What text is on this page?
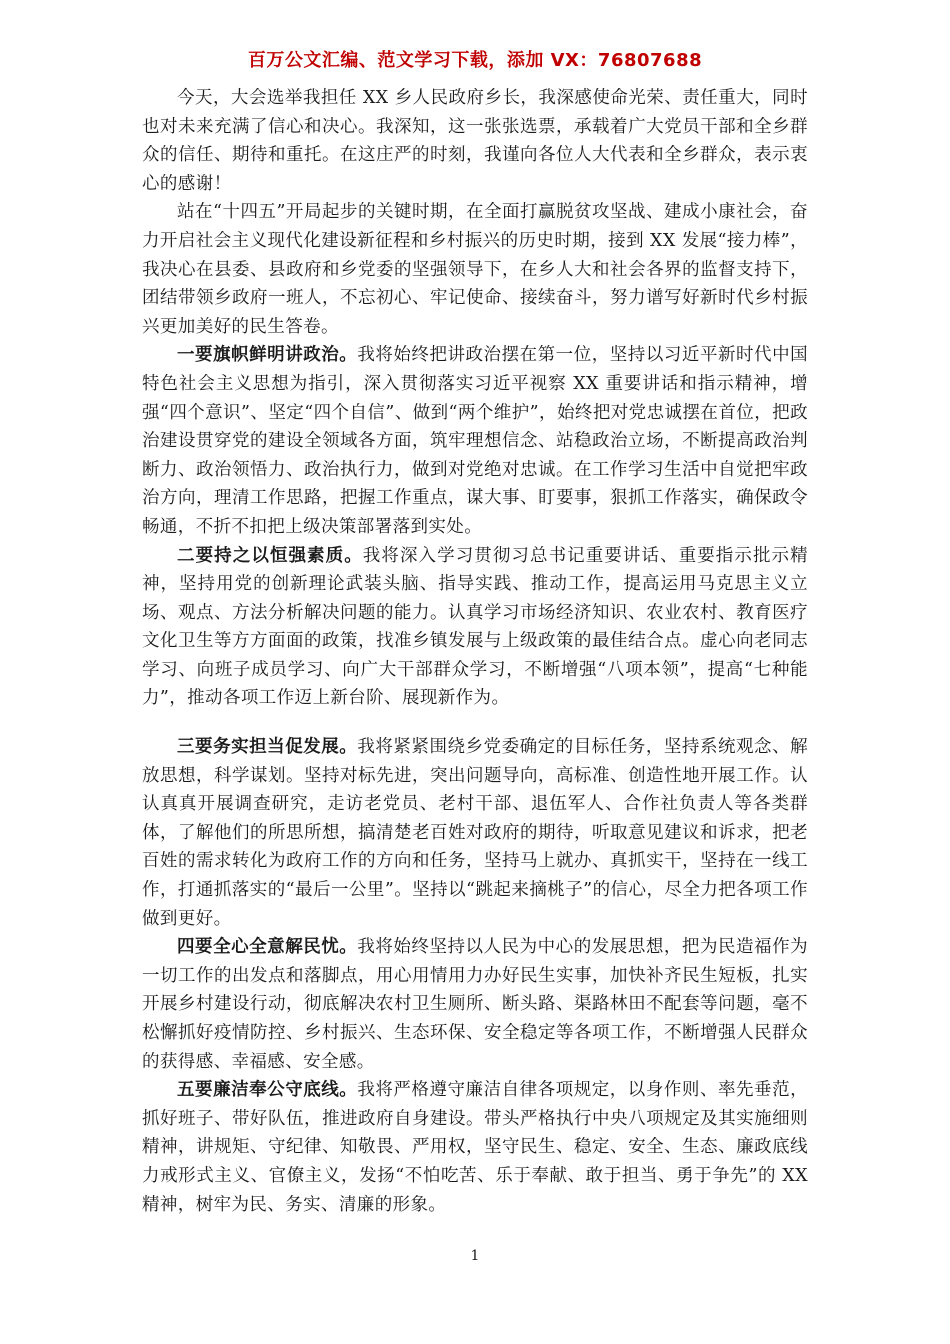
百万公文汇编、范文学习下载，添加 VX：76807688

今天，大会选举我担任 XX 乡人民政府乡长，我深感使命光荣、责任重大，同时也对未来充满了信心和决心。我深知，这一张张选票，承载着广大党员干部和全乡群众的信任、期待和重托。在这庄严的时刻，我谨向各位人大代表和全乡群众，表示衷心的感谢！

站在“十四五”开局起步的关键时期，在全面打赢脱贫攻坚战、建成小康社会，奋力开启社会主义现代化建设新征程和乡村振兴的历史时期，接到 XX 发展“接力棒”，我决心在县委、县政府和乡党委的坚强领导下，在乡人大和社会各界的监督支持下，团结带领乡政府一班人，不忘初心、牢记使命、接续奋斗，努力谱写好新时代乡村振兴更加美好的民生答卷。

一要旗帜鲜明讲政治。我将始终把讲政治摆在第一位，坚持以习近平新时代中国特色社会主义思想为指引，深入贯彻落实习近平视察 XX 重要讲话和指示精神，增强“四个意识”、坚定“四个自信”、做到“两个维护”，始终把对党忠诚摆在首位，把政治建设贯穿党的建设全领域各方面，筑牢理想信念、站稳政治立场，不断提高政治判断力、政治领悟力、政治执行力，做到对党绝对忠诚。在工作学习生活中自觉把牢政治方向，理清工作思路，把握工作重点，谋大事、盯要事，狠抓工作落实，确保政令畅通，不折不扣把上级决策部署落到实处。

二要持之以恒强素质。我将深入学习贯彻习总书记重要讲话、重要指示批示精神，坚持用党的创新理论武装头脑、指导实践、推动工作，提高运用马克思主义立场、观点、方法分析解决问题的能力。认真学习市场经济知识、农业农村、教育医疗文化卫生等方方面面的政策，找准乡镇发展与上级政策的最佳结合点。虚心向老同志学习、向班子成员学习、向广大干部群众学习，不断增强“八项本领”，提高“七种能力”，推动各项工作迈上新台阶、展现新作为。

三要务实担当促发展。我将紧紧围绕乡党委确定的目标任务，坚持系统观念、解放思想，科学谋划。坚持对标先进，突出问题导向，高标准、创造性地开展工作。认认真真开展调查研究，走访老党员、老村干部、退伍军人、合作社负责人等各类群体，了解他们的所思所想，搞清楚老百姓对政府的期待，听取意见建议和诉求，把老百姓的需求转化为政府工作的方向和任务，坚持马上就办、真抓实干，坚持在一线工作，打通抓落实的“最后一公里”。坚持以“跳起来摘桃子”的信心，尽全力把各项工作做到更好。

四要全心全意解民忧。我将始终坚持以人民为中心的发展思想，把为民造福作为一切工作的出发点和落脚点，用心用情用力办好民生实事，加快补齐民生短板，扎实开展乡村建设行动，彻底解决农村卫生厕所、断头路、渠路林田不配套等问题，毫不松懈抓好疫情防控、乡村振兴、生态环保、安全稳定等各项工作，不断增强人民群众的获得感、幸福感、安全感。

五要廉洁奉公守底线。我将严格遵守廉洁自律各项规定，以身作则、率先垂范，抓好班子、带好队伍，推进政府自身建设。带头严格执行中央八项规定及其实施细则精神，讲规矩、守纪律、知敬畏、严用权，坚守民生、稳定、安全、生态、廉政底线力戒形式主义、官僚主义，发扬“不怕吃苦、乐于奉献、敢于担当、勇于争先”的 XX 精神，树牢为民、务实、清廉的形象。

1
